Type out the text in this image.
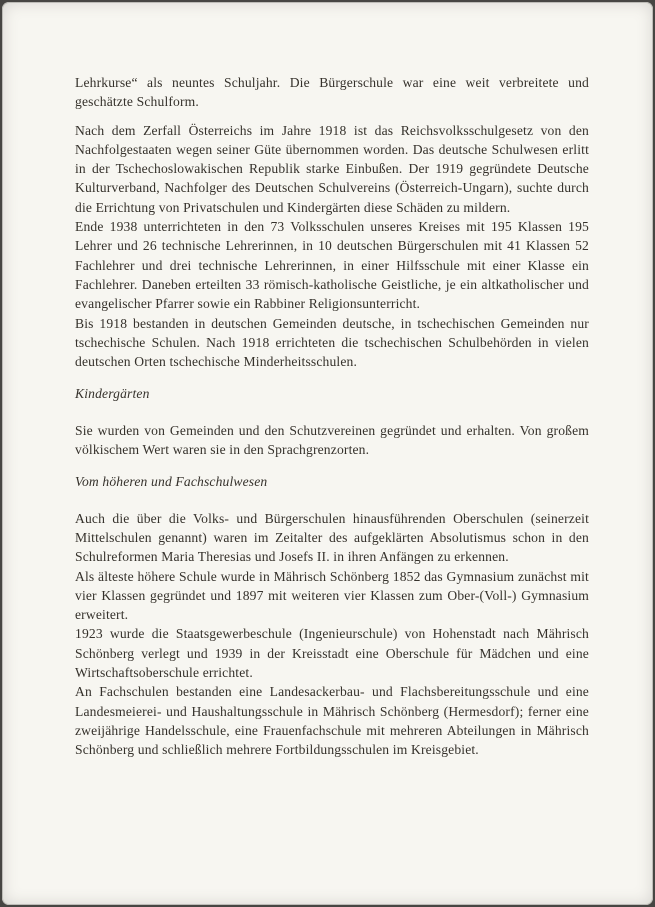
Lehrkurse“ als neuntes Schuljahr. Die Bürgerschule war eine weit verbreitete und geschätzte Schulform.

Nach dem Zerfall Österreichs im Jahre 1918 ist das Reichsvolksschulgesetz von den Nachfolgestaaten wegen seiner Güte übernommen worden. Das deutsche Schulwesen erlitt in der Tschechoslowakischen Republik starke Einbußen. Der 1919 gegründete Deutsche Kulturverband, Nachfolger des Deutschen Schulvereins (Österreich-Ungarn), suchte durch die Errichtung von Privatschulen und Kindergärten diese Schäden zu mildern.

Ende 1938 unterrichteten in den 73 Volksschulen unseres Kreises mit 195 Klassen 195 Lehrer und 26 technische Lehrerinnen, in 10 deutschen Bürgerschulen mit 41 Klassen 52 Fachlehrer und drei technische Lehrerinnen, in einer Hilfsschule mit einer Klasse ein Fachlehrer. Daneben erteilten 33 römisch-katholische Geistliche, je ein altkatholischer und evangelischer Pfarrer sowie ein Rabbiner Religionsunterricht.

Bis 1918 bestanden in deutschen Gemeinden deutsche, in tschechischen Gemeinden nur tschechische Schulen. Nach 1918 errichteten die tschechischen Schulbehörden in vielen deutschen Orten tschechische Minderheitsschulen.

Kindergärten

Sie wurden von Gemeinden und den Schutzvereinen gegründet und erhalten. Von großem völkischem Wert waren sie in den Sprachgrenzorten.

Vom höheren und Fachschulwesen

Auch die über die Volks- und Bürgerschulen hinausführenden Oberschulen (seinerzeit Mittelschulen genannt) waren im Zeitalter des aufgeklärten Absolutismus schon in den Schulreformen Maria Theresias und Josefs II. in ihren Anfängen zu erkennen.

Als älteste höhere Schule wurde in Mährisch Schönberg 1852 das Gymnasium zunächst mit vier Klassen gegründet und 1897 mit weiteren vier Klassen zum Ober-(Voll-) Gymnasium erweitert.

1923 wurde die Staatsgewerbeschule (Ingenieurschule) von Hohenstadt nach Mährisch Schönberg verlegt und 1939 in der Kreisstadt eine Oberschule für Mädchen und eine Wirtschaftsoberschule errichtet.

An Fachschulen bestanden eine Landesackerbau- und Flachsbereitungsschule und eine Landesmeierei- und Haushaltungsschule in Mährisch Schönberg (Hermesdorf); ferner eine zweijährige Handelsschule, eine Frauenfachschule mit mehreren Abteilungen in Mährisch Schönberg und schließlich mehrere Fortbildungsschulen im Kreisgebiet.
